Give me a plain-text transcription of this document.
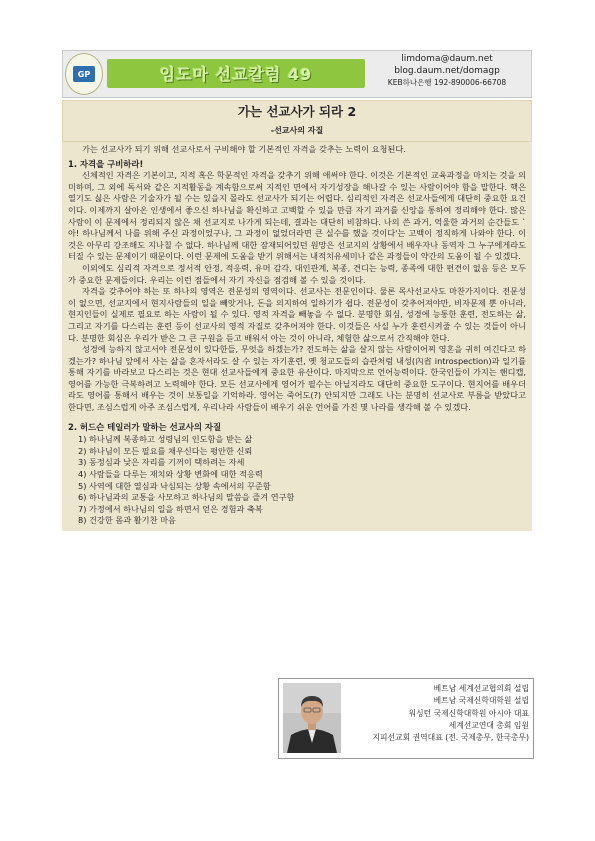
GP	임도마 선교칼럼 49
limdoma@daum.net
blog.daum.net/domagp
KEB하나은행 192-890006-66708
가는 선교사가 되라 2
-선교사의 자질

가는 선교사가 되기 위해 선교사로서 구비해야 할 기본적인 자격을 갖추는 노력이 요청된다.

1. 자격을 구비하라!

신체적인 자격은 기본이고, 지적 혹은 학문적인 자격을 갖추기 위해 애써야 한다. 이것은 기본적인 교육과정을 마치는 것을 의미하며, 그 외에 독서와 같은 지적활동을 계속함으로써 지적인 면에서 자기성장을 해나갈 수 있는 사람이어야 함을 말한다. 핵은 열기도 싫은 사람은 기술자가 될 수는 있을지 몰라도 선교사가 되기는 어렵다. 심리적인 자격은 선교사들에게 대단히 중요한 요건이다. 이제까지 살아온 인생에서 좋으신 하나님을 확신하고 고백할 수 있을 만큼 자기 과거를 신앙을 통하여 정리해야 한다. 많은 사람이 이 문제에서 정리되지 않은 채 선교지로 나가게 되는데, 결과는 대단히 비참하다. 나의 쓴 과거, 억울한 과거의 순간들도 `아! 하나님께서 나를 위해 주신 과정이었구나, 그 과정이 없었더라면 큰 실수를 했을 것이다'는 고백이 정직하게 나와야 한다. 이것은 아무리 강조해도 지나칠 수 없다. 하나님께 대한 잠재되어있던 원망은 선교지의 상황에서 배우자나 동역자 그 누구에게라도 터질 수 있는 문제이기 때문이다. 이런 문제에 도움을 받기 위해서는 내적치유세미나 같은 과정들이 약간의 도움이 될 수 있겠다.

이외에도 심리적 자격으로 정서적 안정, 적응력, 유머 감각, 대인관계, 복종, 견디는 능력, 종족에 대한 편견이 없음 등은 모두가 중요한 문제들이다. 우리는 이런 점들에서 자기 자신을 점검해 볼 수 있을 것이다.

자격을 갖추어야 하는 또 하나의 영역은 전문성의 영역이다. 선교사는 전문인이다. 물론 목사선교사도 마찬가지이다. 전문성이 없으면, 선교지에서 현지사람들의 일을 빼앗거나, 돈을 의지하여 일하기가 쉽다. 전문성이 갖추어져야만, 비자문제 뿐 아니라, 현지인들이 실제로 필요로 하는 사람이 될 수 있다. 영적 자격을 빼놓을 수 없다. 분명한 회심, 성경에 능통한 훈련, 전도하는 삶, 그리고 자기를 다스리는 훈련 등이 선교사의 영적 자질로 갖추어져야 한다. 이것들은 사실 누가 훈련시켜줄 수 있는 것들이 아니다. 분명한 회심은 우리가 받은 그 큰 구원을 듣고 배워서 아는 것이 아니라, 체험한 삶으로서 간직해야 한다.

성경에 능하지 않고서야 전문성이 있다한들, 무엇을 하겠는가? 전도하는 삶을 살지 않는 사람이어찌 영혼을 귀히 여긴다고 하겠는가? 하나님 앞에서 사는 삶을 혼자서라도 살 수 있는 자기훈련, 옛 청교도들의 습관처럼 내성(內省 introspection)과 일기를 통해 자기를 바라보고 다스리는 것은 현대 선교사들에게 중요한 유산이다. 마지막으로 언어능력이다. 한국인들이 가지는 핸디캡, 영어를 가능한 극복하려고 노력해야 한다. 모든 선교사에게 영어가 필수는 아닐지라도 대단히 중요한 도구이다. 현지어를 배우더라도 영어를 통해서 배우는 것이 보통일을 기억하라. 영어는 죽어도(?) 안되지만 그래도 나는 분명히 선교사로 부름을 받았다고 한다면, 조심스럽게 아주 조심스럽게, 우리나라 사람들이 배우기 쉬운 언어를 가진 몇 나라를 생각해 볼 수 있겠다.

2. 허드슨 테일러가 말하는 선교사의 자질
1) 하나님께 복종하고 성령님의 인도함을 받는 삶
2) 하나님이 모든 필요를 채우신다는 평안한 신뢰
3) 동정심과 낮은 자리를 기꺼이 택하려는 자세
4) 사람들을 다루는 재치와 상황 변화에 대한 적응력
5) 사역에 대한 열심과 낙심되는 상황 속에서의 꾸준함
6) 하나님과의 교통을 사모하고 하나님의 말씀을 즐겨 연구함
7) 가정에서 하나님의 일을 하면서 얻은 경험과 축복
8) 건강한 몸과 활기찬 마음
베트남 세계선교협의회 설립
베트남 국제신학대학원 설립
워싱턴 국제신학대학원 아시아 대표
세계선교연대 총회 임원
지피선교회 권역대표 (전. 국제총무, 한국총무)
